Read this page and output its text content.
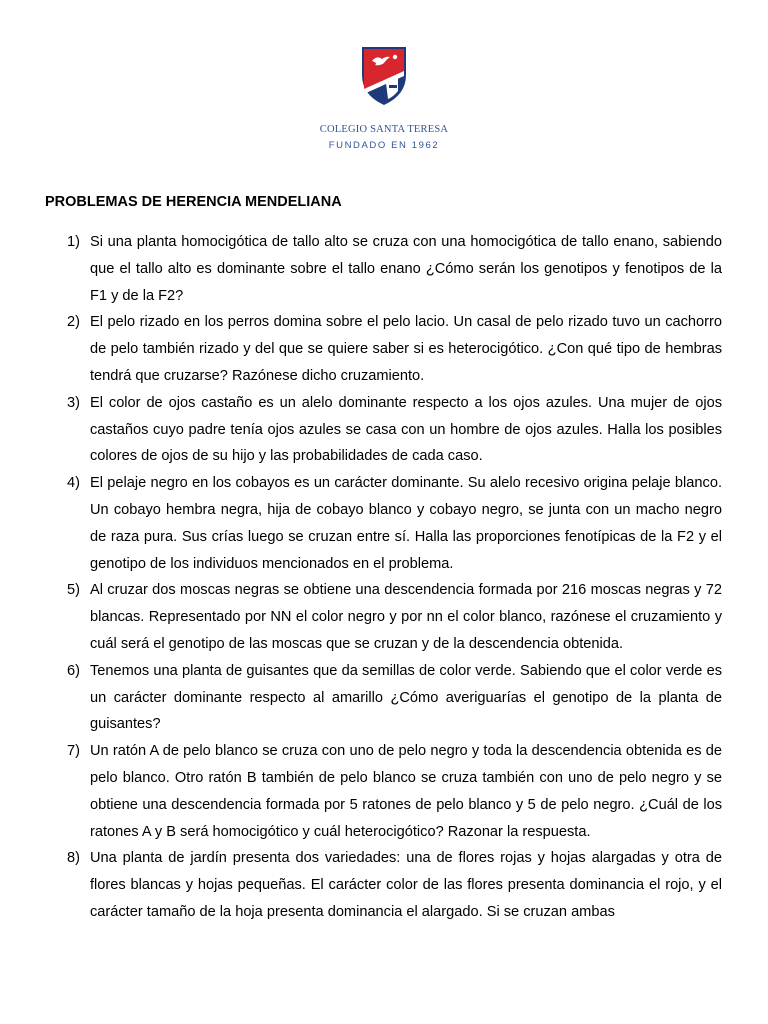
COLEGIO SANTA TERESA
FUNDADO EN 1962
PROBLEMAS DE HERENCIA MENDELIANA
1) Si una planta homocigótica de tallo alto se cruza con una homocigótica de tallo enano, sabiendo que el tallo alto es dominante sobre el tallo enano ¿Cómo serán los genotipos y fenotipos de la F1 y de la F2?
2) El pelo rizado en los perros domina sobre el pelo lacio. Un casal de pelo rizado tuvo un cachorro de pelo también rizado y del que se quiere saber si es heterocigótico. ¿Con qué tipo de hembras tendrá que cruzarse? Razónese dicho cruzamiento.
3) El color de ojos castaño es un alelo dominante respecto a los ojos azules. Una mujer de ojos castaños cuyo padre tenía ojos azules se casa con un hombre de ojos azules. Halla los posibles colores de ojos de su hijo y las probabilidades de cada caso.
4) El pelaje negro en los cobayos es un carácter dominante. Su alelo recesivo origina pelaje blanco. Un cobayo hembra negra, hija de cobayo blanco y cobayo negro, se junta con un macho negro de raza pura. Sus crías luego se cruzan entre sí. Halla las proporciones fenotípicas de la F2 y el genotipo de los individuos mencionados en el problema.
5) Al cruzar dos moscas negras se obtiene una descendencia formada por 216 moscas negras y 72 blancas. Representado por NN el color negro y por nn el color blanco, razónese el cruzamiento y cuál será el genotipo de las moscas que se cruzan y de la descendencia obtenida.
6) Tenemos una planta de guisantes que da semillas de color verde. Sabiendo que el color verde es un carácter dominante respecto al amarillo ¿Cómo averiguarías el genotipo de la planta de guisantes?
7) Un ratón A de pelo blanco se cruza con uno de pelo negro y toda la descendencia obtenida es de pelo blanco. Otro ratón B también de pelo blanco se cruza también con uno de pelo negro y se obtiene una descendencia formada por 5 ratones de pelo blanco y 5 de pelo negro. ¿Cuál de los ratones A y B será homocigótico y cuál heterocigótico? Razonar la respuesta.
8) Una planta de jardín presenta dos variedades: una de flores rojas y hojas alargadas y otra de flores blancas y hojas pequeñas. El carácter color de las flores presenta dominancia el rojo, y el carácter tamaño de la hoja presenta dominancia el alargado. Si se cruzan ambas
